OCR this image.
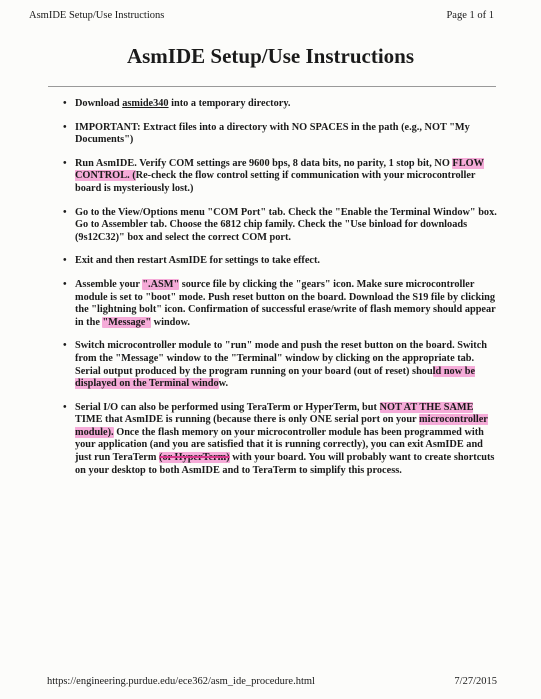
AsmIDE Setup/Use Instructions	Page 1 of 1
AsmIDE Setup/Use Instructions
• Download asmide340 into a temporary directory.
• IMPORTANT: Extract files into a directory with NO SPACES in the path (e.g., NOT "My Documents")
• Run AsmIDE. Verify COM settings are 9600 bps, 8 data bits, no parity, 1 stop bit, NO FLOW CONTROL. (Re-check the flow control setting if communication with your microcontroller board is mysteriously lost.)
• Go to the View/Options menu "COM Port" tab. Check the "Enable the Terminal Window" box. Go to Assembler tab. Choose the 6812 chip family. Check the "Use binload for downloads (9s12C32)" box and select the correct COM port.
• Exit and then restart AsmIDE for settings to take effect.
• Assemble your ".ASM" source file by clicking the "gears" icon. Make sure microcontroller module is set to "boot" mode. Push reset button on the board. Download the S19 file by clicking the "lightning bolt" icon. Confirmation of successful erase/write of flash memory should appear in the "Message" window.
• Switch microcontroller module to "run" mode and push the reset button on the board. Switch from the "Message" window to the "Terminal" window by clicking on the appropriate tab. Serial output produced by the program running on your board (out of reset) should now be displayed on the Terminal window.
• Serial I/O can also be performed using TeraTerm or HyperTerm, but NOT AT THE SAME TIME that AsmIDE is running (because there is only ONE serial port on your microcontroller module). Once the flash memory on your microcontroller module has been programmed with your application (and you are satisfied that it is running correctly), you can exit AsmIDE and just run TeraTerm (or HyperTerm) with your board. You will probably want to create shortcuts on your desktop to both AsmIDE and to TeraTerm to simplify this process.
https://engineering.purdue.edu/ece362/asm_ide_procedure.html	7/27/2015
